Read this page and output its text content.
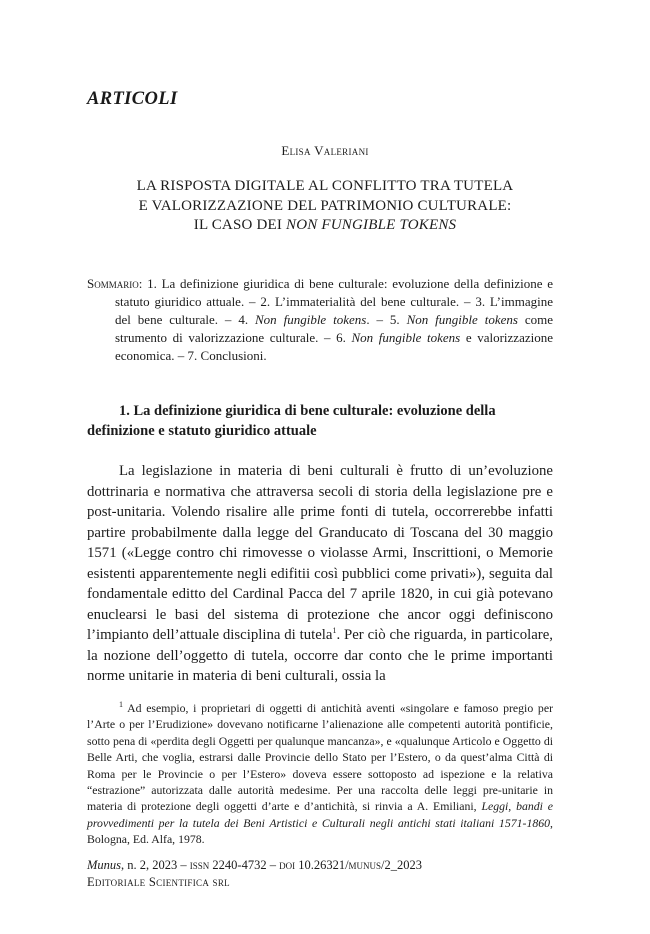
ARTICOLI
Elisa Valeriani
LA RISPOSTA DIGITALE AL CONFLITTO TRA TUTELA
E VALORIZZAZIONE DEL PATRIMONIO CULTURALE:
IL CASO DEI NON FUNGIBLE TOKENS
Sommario: 1. La definizione giuridica di bene culturale: evoluzione della definizione e statuto giuridico attuale. – 2. L’immaterialità del bene culturale. – 3. L’immagine del bene culturale. – 4. Non fungible tokens. – 5. Non fungible tokens come strumento di valorizzazione culturale. – 6. Non fungible tokens e valorizzazione economica. – 7. Conclusioni.
1. La definizione giuridica di bene culturale: evoluzione della definizione e statuto giuridico attuale
La legislazione in materia di beni culturali è frutto di un’evoluzione dottrinaria e normativa che attraversa secoli di storia della legislazione pre e post-unitaria. Volendo risalire alle prime fonti di tutela, occorrerebbe infatti partire probabilmente dalla legge del Granducato di Toscana del 30 maggio 1571 («Legge contro chi rimovesse o violasse Armi, Inscrittioni, o Memorie esistenti apparentemente negli edifitii così pubblici come privati»), seguita dal fondamentale editto del Cardinal Pacca del 7 aprile 1820, in cui già potevano enuclearsi le basi del sistema di protezione che ancor oggi definiscono l’impianto dell’attuale disciplina di tutela$^1$. Per ciò che riguarda, in particolare, la nozione dell’oggetto di tutela, occorre dar conto che le prime importanti norme unitarie in materia di beni culturali, ossia la
$^1$ Ad esempio, i proprietari di oggetti di antichità aventi «singolare e famoso pregio per l’Arte o per l’Erudizione» dovevano notificarne l’alienazione alle competenti autorità pontificie, sotto pena di «perdita degli Oggetti per qualunque mancanza», e «qualunque Articolo e Oggetto di Belle Arti, che voglia, estrarsi dalle Provincie dello Stato per l’Estero, o da quest’alma Città di Roma per le Provincie o per l’Estero» doveva essere sottoposto ad ispezione e la relativa “estrazione” autorizzata dalle autorità medesime. Per una raccolta delle leggi pre-unitarie in materia di protezione degli oggetti d’arte e d’antichità, si rinvia a A. Emiliani, Leggi, bandi e provvedimenti per la tutela dei Beni Artistici e Culturali negli antichi stati italiani 1571-1860, Bologna, Ed. Alfa, 1978.
Munus, n. 2, 2023 – issn 2240-4732 – doi 10.26321/munus/2_2023
Editoriale Scientifica srl
